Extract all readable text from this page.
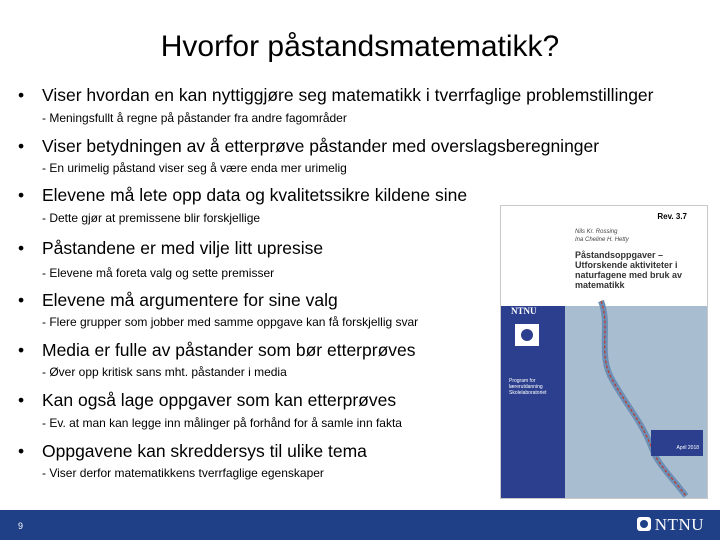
Hvorfor påstandsmatematikk?
• Viser hvordan en kan nyttiggjøre seg matematikk i tverrfaglige problemstillinger
- Meningsfullt å regne på påstander fra andre fagområder
• Viser betydningen av å etterprøve påstander med overslagsberegninger
- En urimelig påstand viser seg å være enda mer urimelig
• Elevene må lete opp data og kvalitetssikre kildene sine
- Dette gjør at premissene blir forskjellige
• Påstandene er med vilje litt upresise
- Elevene må foreta valg og sette premisser
• Elevene må argumentere for sine valg
- Flere grupper som jobber med samme oppgave kan få forskjellig svar
• Media er fulle av påstander som bør etterprøves
- Øver opp kritisk sans mht. påstander i media
• Kan også lage oppgaver som kan etterprøves
- Ev. at man kan legge inn målinger på forhånd for å samle inn fakta
• Oppgavene kan skreddersys til ulike tema
- Viser derfor matematikkens tverrfaglige egenskaper
Rev. 3.7
Nils Kr. Rossing
Ina Cheline H. Hetty
Påstandsoppgaver – Utforskende aktiviteter i naturfagene med bruk av matematikk
NTNU
Program for lærerutdanning Skolelaboratoriet
April 2018
9	NTNU
